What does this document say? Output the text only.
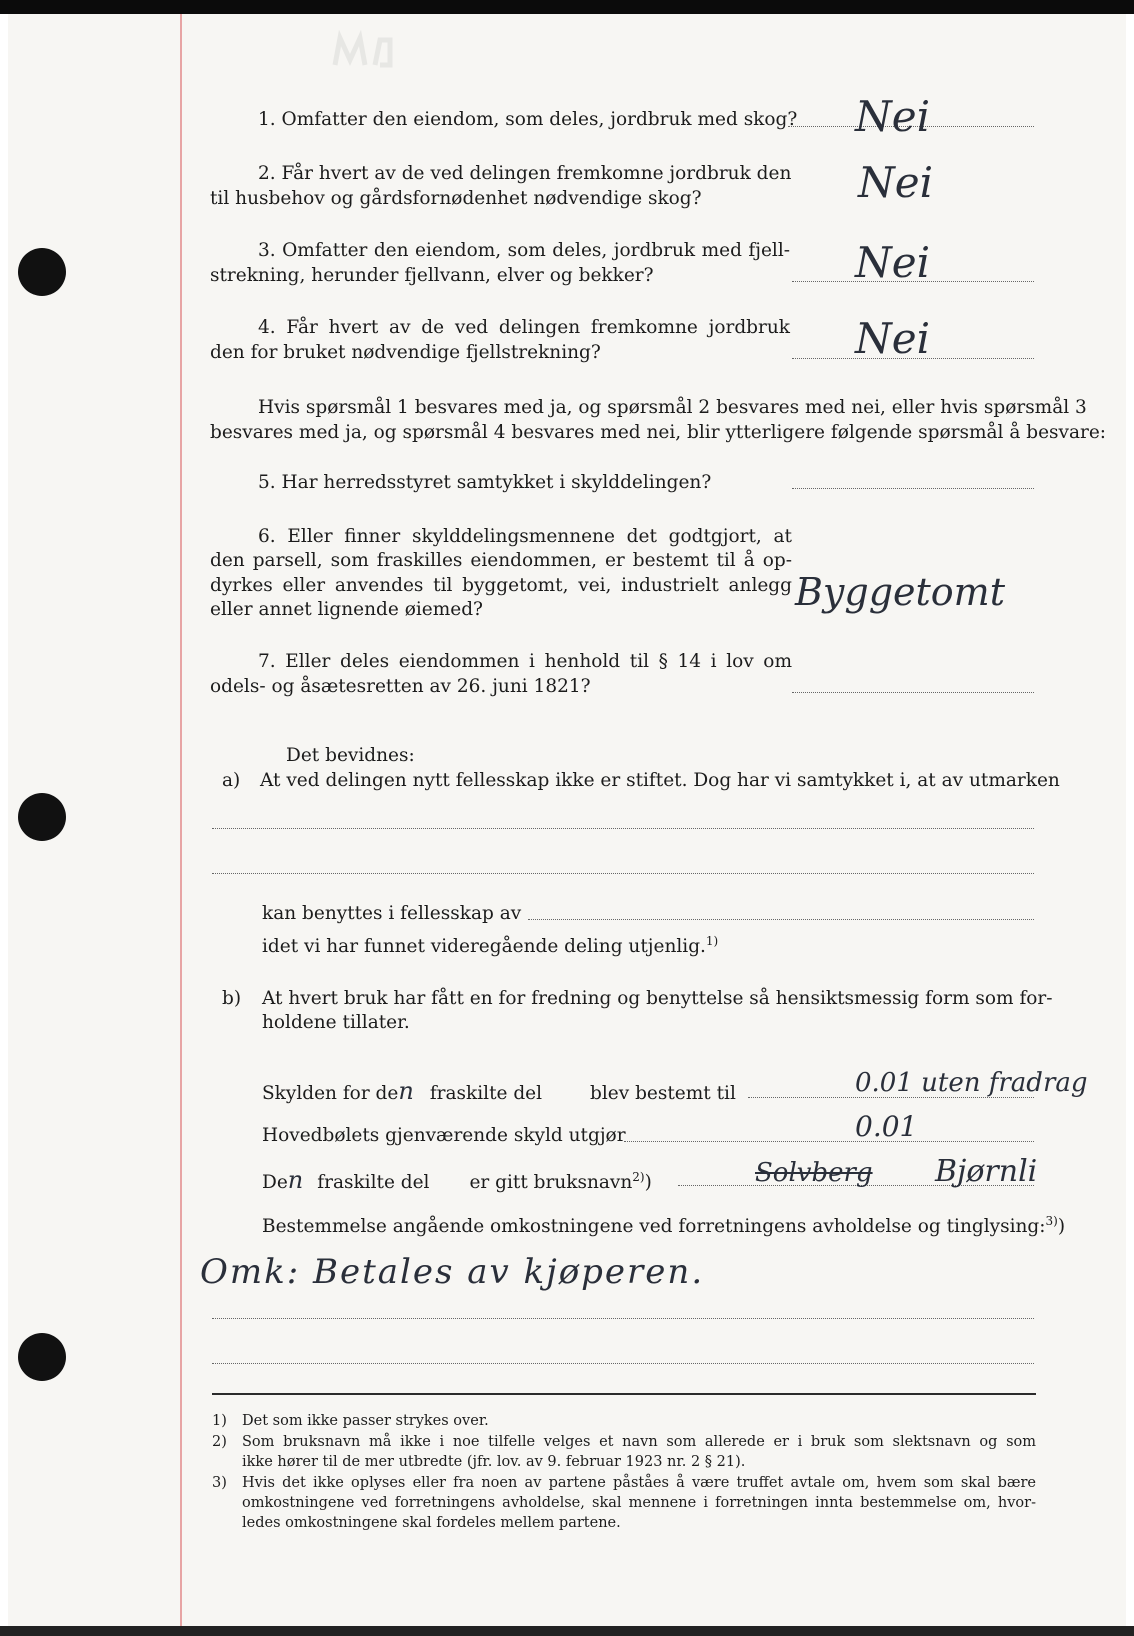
1. Omfatter den eiendom, som deles, jordbruk med skog? Nei
2. Får hvert av de ved delingen fremkomne jordbruk den
til husbehov og gårdsfornødenhet nødvendige skog?	Nei
3. Omfatter den eiendom, som deles, jordbruk med fjell-
strekning, herunder fjellvann, elver og bekker?	Nei
4. Får hvert av de ved delingen fremkomne jordbruk
den for bruket nødvendige fjellstrekning?	Nei
Hvis spørsmål 1 besvares med ja, og spørsmål 2 besvares med nei, eller hvis spørsmål 3
besvares med ja, og spørsmål 4 besvares med nei, blir ytterligere følgende spørsmål å besvare:
5. Har herredsstyret samtykket i skylddelingen?
6. Eller finner skylddelingsmennene det godtgjort, at
den parsell, som fraskilles eiendommen, er bestemt til å op-
dyrkes eller anvendes til byggetomt, vei, industrielt anlegg
eller annet lignende øiemed?	Byggetomt
7. Eller deles eiendommen i henhold til § 14 i lov om
odels- og åsætesretten av 26. juni 1821?
Det bevidnes:
a) At ved delingen nytt fellesskap ikke er stiftet. Dog har vi samtykket i, at av utmarken
kan benyttes i fellesskap av
idet vi har funnet videregående deling utjenlig.$^{1)}$
b) At hvert bruk har fått en for fredning og benyttelse så hensiktsmessig form som for-
holdene tillater.
Skylden for den fraskilte del	blev bestemt til	0.01 uten fradrag
Hovedbølets gjenværende skyld utgjør	0.01
Den fraskilte del er gitt bruksnavn$^{2)}$)	Solvberg Bjørnli
Bestemmelse angående omkostningene ved forretningens avholdelse og tinglysing:$^{3)}$)
Omk: Betales av kjøperen.
1) Det som ikke passer strykes over.
2) Som bruksnavn må ikke i noe tilfelle velges et navn som allerede er i bruk som slektsnavn og som
ikke hører til de mer utbredte (jfr. lov. av 9. februar 1923 nr. 2 § 21).
3) Hvis det ikke oplyses eller fra noen av partene påståes å være truffet avtale om, hvem som skal bære
omkostningene ved forretningens avholdelse, skal mennene i forretningen innta bestemmelse om, hvor-
ledes omkostningene skal fordeles mellem partene.
